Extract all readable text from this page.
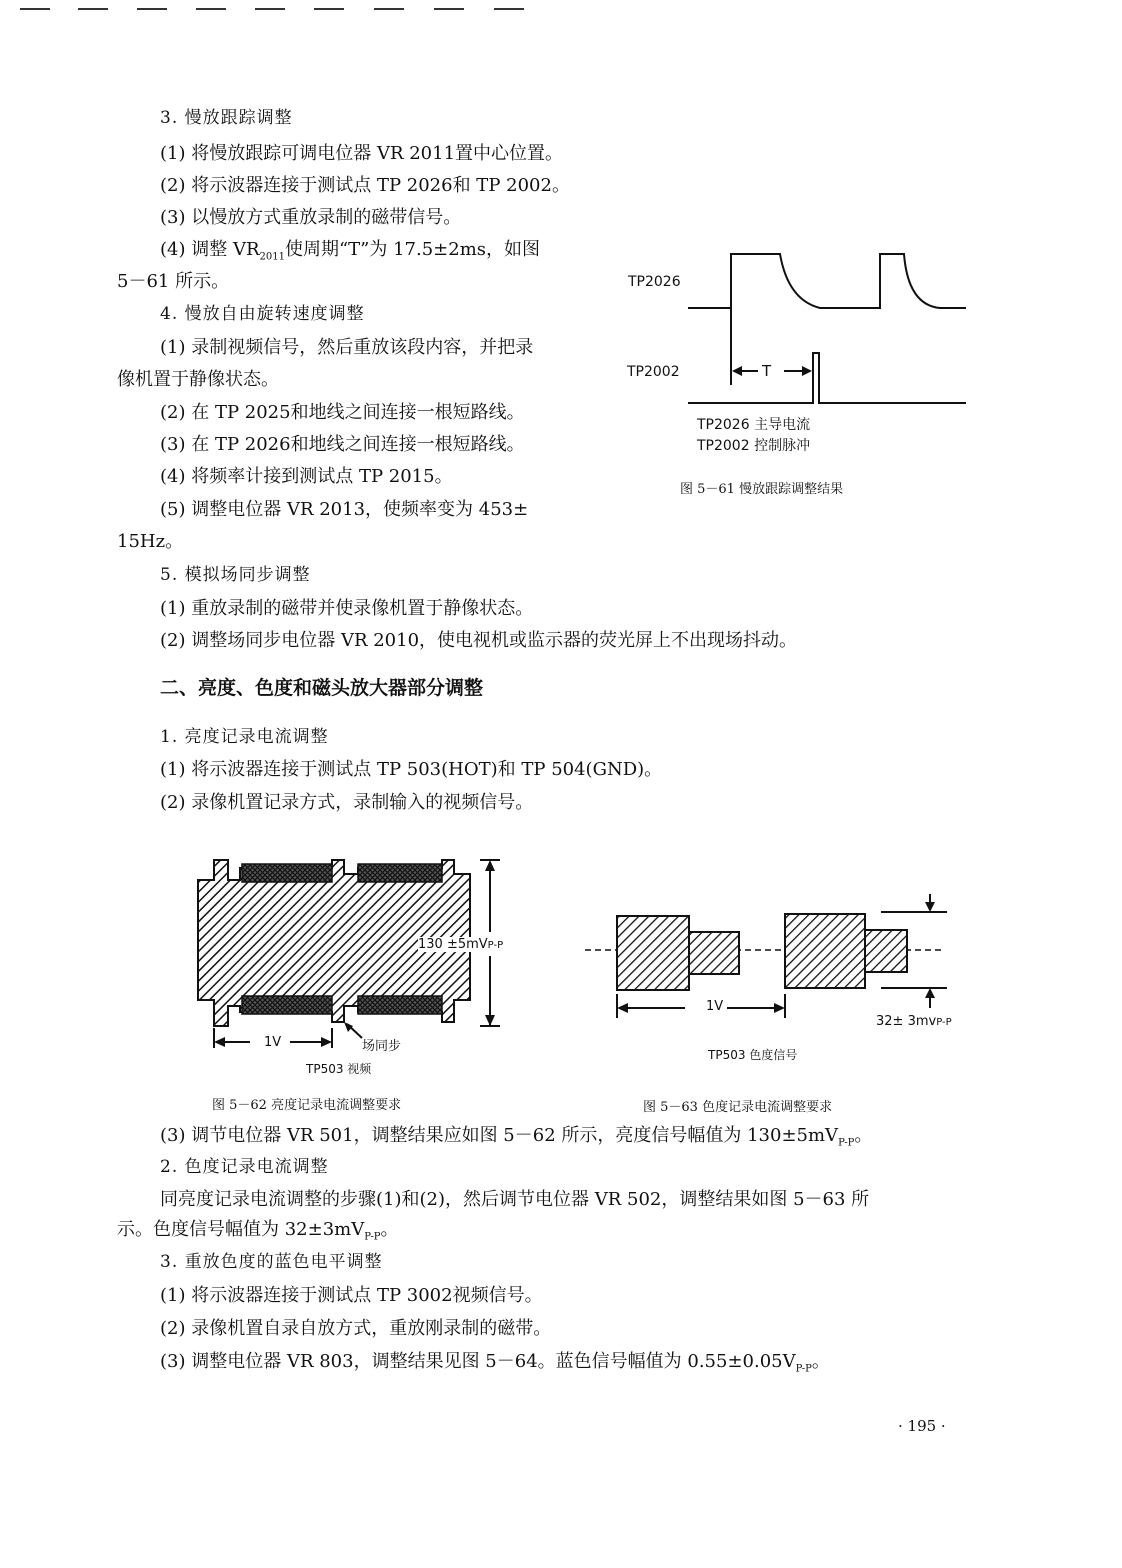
3. 慢放跟踪调整
(1) 将慢放跟踪可调电位器 VR 2011置中心位置。
(2) 将示波器连接于测试点 TP 2026和 TP 2002。
(3) 以慢放方式重放录制的磁带信号。
(4) 调整 $VR_{2011}$使周期“T”为 17.5±2ms，如图
5－61 所示。
4. 慢放自由旋转速度调整
(1) 录制视频信号，然后重放该段内容，并把录
像机置于静像状态。
(2) 在 TP 2025和地线之间连接一根短路线。
(3) 在 TP 2026和地线之间连接一根短路线。
(4) 将频率计接到测试点 TP 2015。
(5) 调整电位器 VR 2013，使频率变为 453±
15Hz。
5. 模拟场同步调整
(1) 重放录制的磁带并使录像机置于静像状态。
(2) 调整场同步电位器 VR 2010，使电视机或监示器的荧光屏上不出现场抖动。
二、亮度、色度和磁头放大器部分调整
1. 亮度记录电流调整
(1) 将示波器连接于测试点 TP 503(HOT)和 TP 504(GND)。
(2) 录像机置记录方式，录制输入的视频信号。
TP2026
TP2002	T
TP2026 主导电流
TP2002 控制脉冲
图 5－61 慢放跟踪调整结果
130 ±5mVP-P
1V	场同步
TP503 视频
图 5－62 亮度记录电流调整要求
1V
32± 3mvP-P
TP503 色度信号
图 5－63 色度记录电流调整要求
(3) 调节电位器 VR 501，调整结果应如图 5－62 所示，亮度信号幅值为 $130\pm 5mV_{P-P}$。
2. 色度记录电流调整
同亮度记录电流调整的步骤(1)和(2)，然后调节电位器 VR 502，调整结果如图 5－63 所
示。色度信号幅值为 $32\pm 3mV_{P-P}$。
3. 重放色度的蓝色电平调整
(1) 将示波器连接于测试点 TP 3002视频信号。
(2) 录像机置自录自放方式，重放刚录制的磁带。
(3) 调整电位器 VR 803，调整结果见图 5－64。蓝色信号幅值为 $0.55\pm 0.05V_{P-P}$。
· 195 ·
